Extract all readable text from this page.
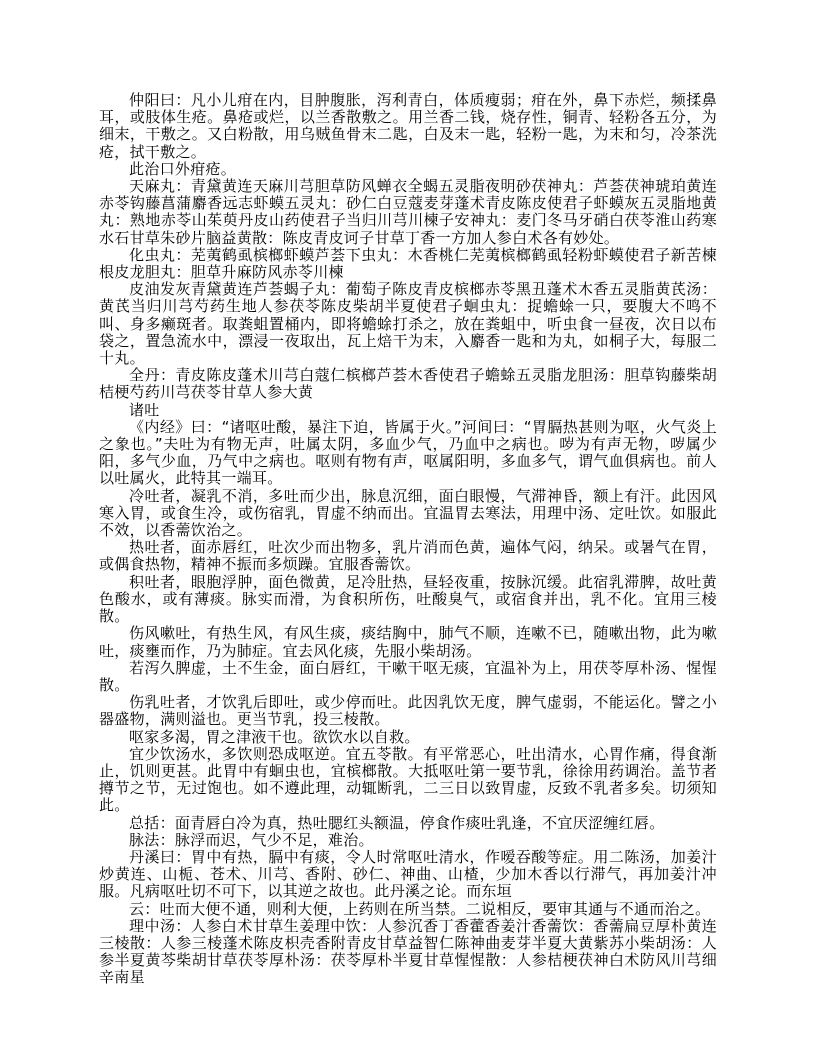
仲阳曰：凡小儿疳在内，目肿腹胀，泻利青白，体质瘦弱；疳在外，鼻下赤烂，频揉鼻耳，或肢体生疮。鼻疮或烂，以兰香散敷之。用兰香二钱，烧存性，铜青、轻粉各五分，为细末，干敷之。又白粉散，用乌贼鱼骨末二匙，白及末一匙，轻粉一匙，为末和匀，冷茶洗疮，拭干敷之。

此治口外疳疮。

天麻丸：青黛黄连天麻川芎胆草防风蝉衣全蝎五灵脂夜明砂茯神丸：芦荟茯神琥珀黄连赤苓钩藤菖蒲麝香远志虾蟆五灵丸：砂仁白豆蔻麦芽蓬术青皮陈皮使君子虾蟆灰五灵脂地黄丸：熟地赤苓山茱萸丹皮山药使君子当归川芎川楝子安神丸：麦门冬马牙硝白茯苓淮山药寒水石甘草朱砂片脑益黄散：陈皮青皮诃子甘草丁香一方加人参白术各有妙处。

化虫丸：芜荑鹤虱槟榔虾蟆芦荟下虫丸：木香桃仁芜荑槟榔鹤虱轻粉虾蟆使君子新苦楝根皮龙胆丸：胆草升麻防风赤苓川楝

皮油发灰青黛黄连芦荟蝎子丸：葡萄子陈皮青皮槟榔赤苓黑丑蓬术木香五灵脂黄芪汤：黄芪当归川芎芍药生地人参茯苓陈皮柴胡半夏使君子蛔虫丸：捉蟾蜍一只，要腹大不鸣不叫、身多癞斑者。取粪蛆置桶内，即将蟾蜍打杀之，放在粪蛆中，听虫食一昼夜，次日以布袋之，置急流水中，漂浸一夜取出，瓦上焙干为末，入麝香一匙和为丸，如桐子大，每服二十丸。

全丹：青皮陈皮蓬术川芎白蔻仁槟榔芦荟木香使君子蟾蜍五灵脂龙胆汤：胆草钩藤柴胡桔梗芍药川芎茯苓甘草人参大黄

诸吐

《内经》曰：“诸呕吐酸，暴注下迫，皆属于火。”河间曰：“胃膈热甚则为呕，火气炎上之象也。”夫吐为有物无声，吐属太阴，多血少气，乃血中之病也。哕为有声无物，哕属少阳，多气少血，乃气中之病也。呕则有物有声，呕属阳明，多血多气，谓气血俱病也。前人以吐属火，此特其一端耳。

冷吐者，凝乳不消，多吐而少出，脉息沉细，面白眼慢，气滞神昏，额上有汗。此因风寒入胃，或食生冷，或伤宿乳，胃虚不纳而出。宜温胃去寒法，用理中汤、定吐饮。如服此不效，以香薷饮治之。

热吐者，面赤唇红，吐次少而出物多，乳片消而色黄，遍体气闷，纳呆。或暑气在胃，或偶食热物，精神不振而多烦躁。宜服香薷饮。

积吐者，眼胞浮肿，面色微黄，足冷肚热，昼轻夜重，按脉沉缓。此宿乳滞脾，故吐黄色酸水，或有薄痰。脉实而滑，为食积所伤，吐酸臭气，或宿食并出，乳不化。宜用三棱散。

伤风嗽吐，有热生风，有风生痰，痰结胸中，肺气不顺，连嗽不已，随嗽出物，此为嗽吐，痰壅而作，乃为肺症。宜去风化痰，先服小柴胡汤。

若泻久脾虚，土不生金，面白唇红，干嗽干呕无痰，宜温补为上，用茯苓厚朴汤、惺惺散。

伤乳吐者，才饮乳后即吐，或少停而吐。此因乳饮无度，脾气虚弱，不能运化。譬之小器盛物，满则溢也。更当节乳，投三棱散。

呕家多渴，胃之津液干也。欲饮水以自救。

宜少饮汤水，多饮则恐成呕逆。宜五苓散。有平常恶心，吐出清水，心胃作痛，得食渐止，饥则更甚。此胃中有蛔虫也，宜槟榔散。大抵呕吐第一要节乳，徐徐用药调治。盖节者撙节之节，无过饱也。如不遵此理，动辄断乳，二三日以致胃虚，反致不乳者多矣。切须知此。

总括：面青唇白冷为真，热吐腮红头额温，停食作痰吐乳逢，不宜厌涩缠红唇。

脉法：脉浮而迟，气少不足，难治。

丹溪曰：胃中有热，膈中有痰，令人时常呕吐清水，作嗳吞酸等症。用二陈汤，加姜汁炒黄连、山栀、苍术、川芎、香附、砂仁、神曲、山楂，少加木香以行滞气，再加姜汁冲服。凡病呕吐切不可下，以其逆之故也。此丹溪之论。而东垣

云：吐而大便不通，则利大便，上药则在所当禁。二说相反，要审其通与不通而治之。

理中汤：人参白术甘草生姜理中饮：人参沉香丁香藿香姜汁香薷饮：香薷扁豆厚朴黄连三棱散：人参三棱蓬术陈皮枳壳香附青皮甘草益智仁陈神曲麦芽半夏大黄紫苏小柴胡汤：人参半夏黄芩柴胡甘草茯苓厚朴汤：茯苓厚朴半夏甘草惺惺散：人参桔梗茯神白术防风川芎细辛南星
